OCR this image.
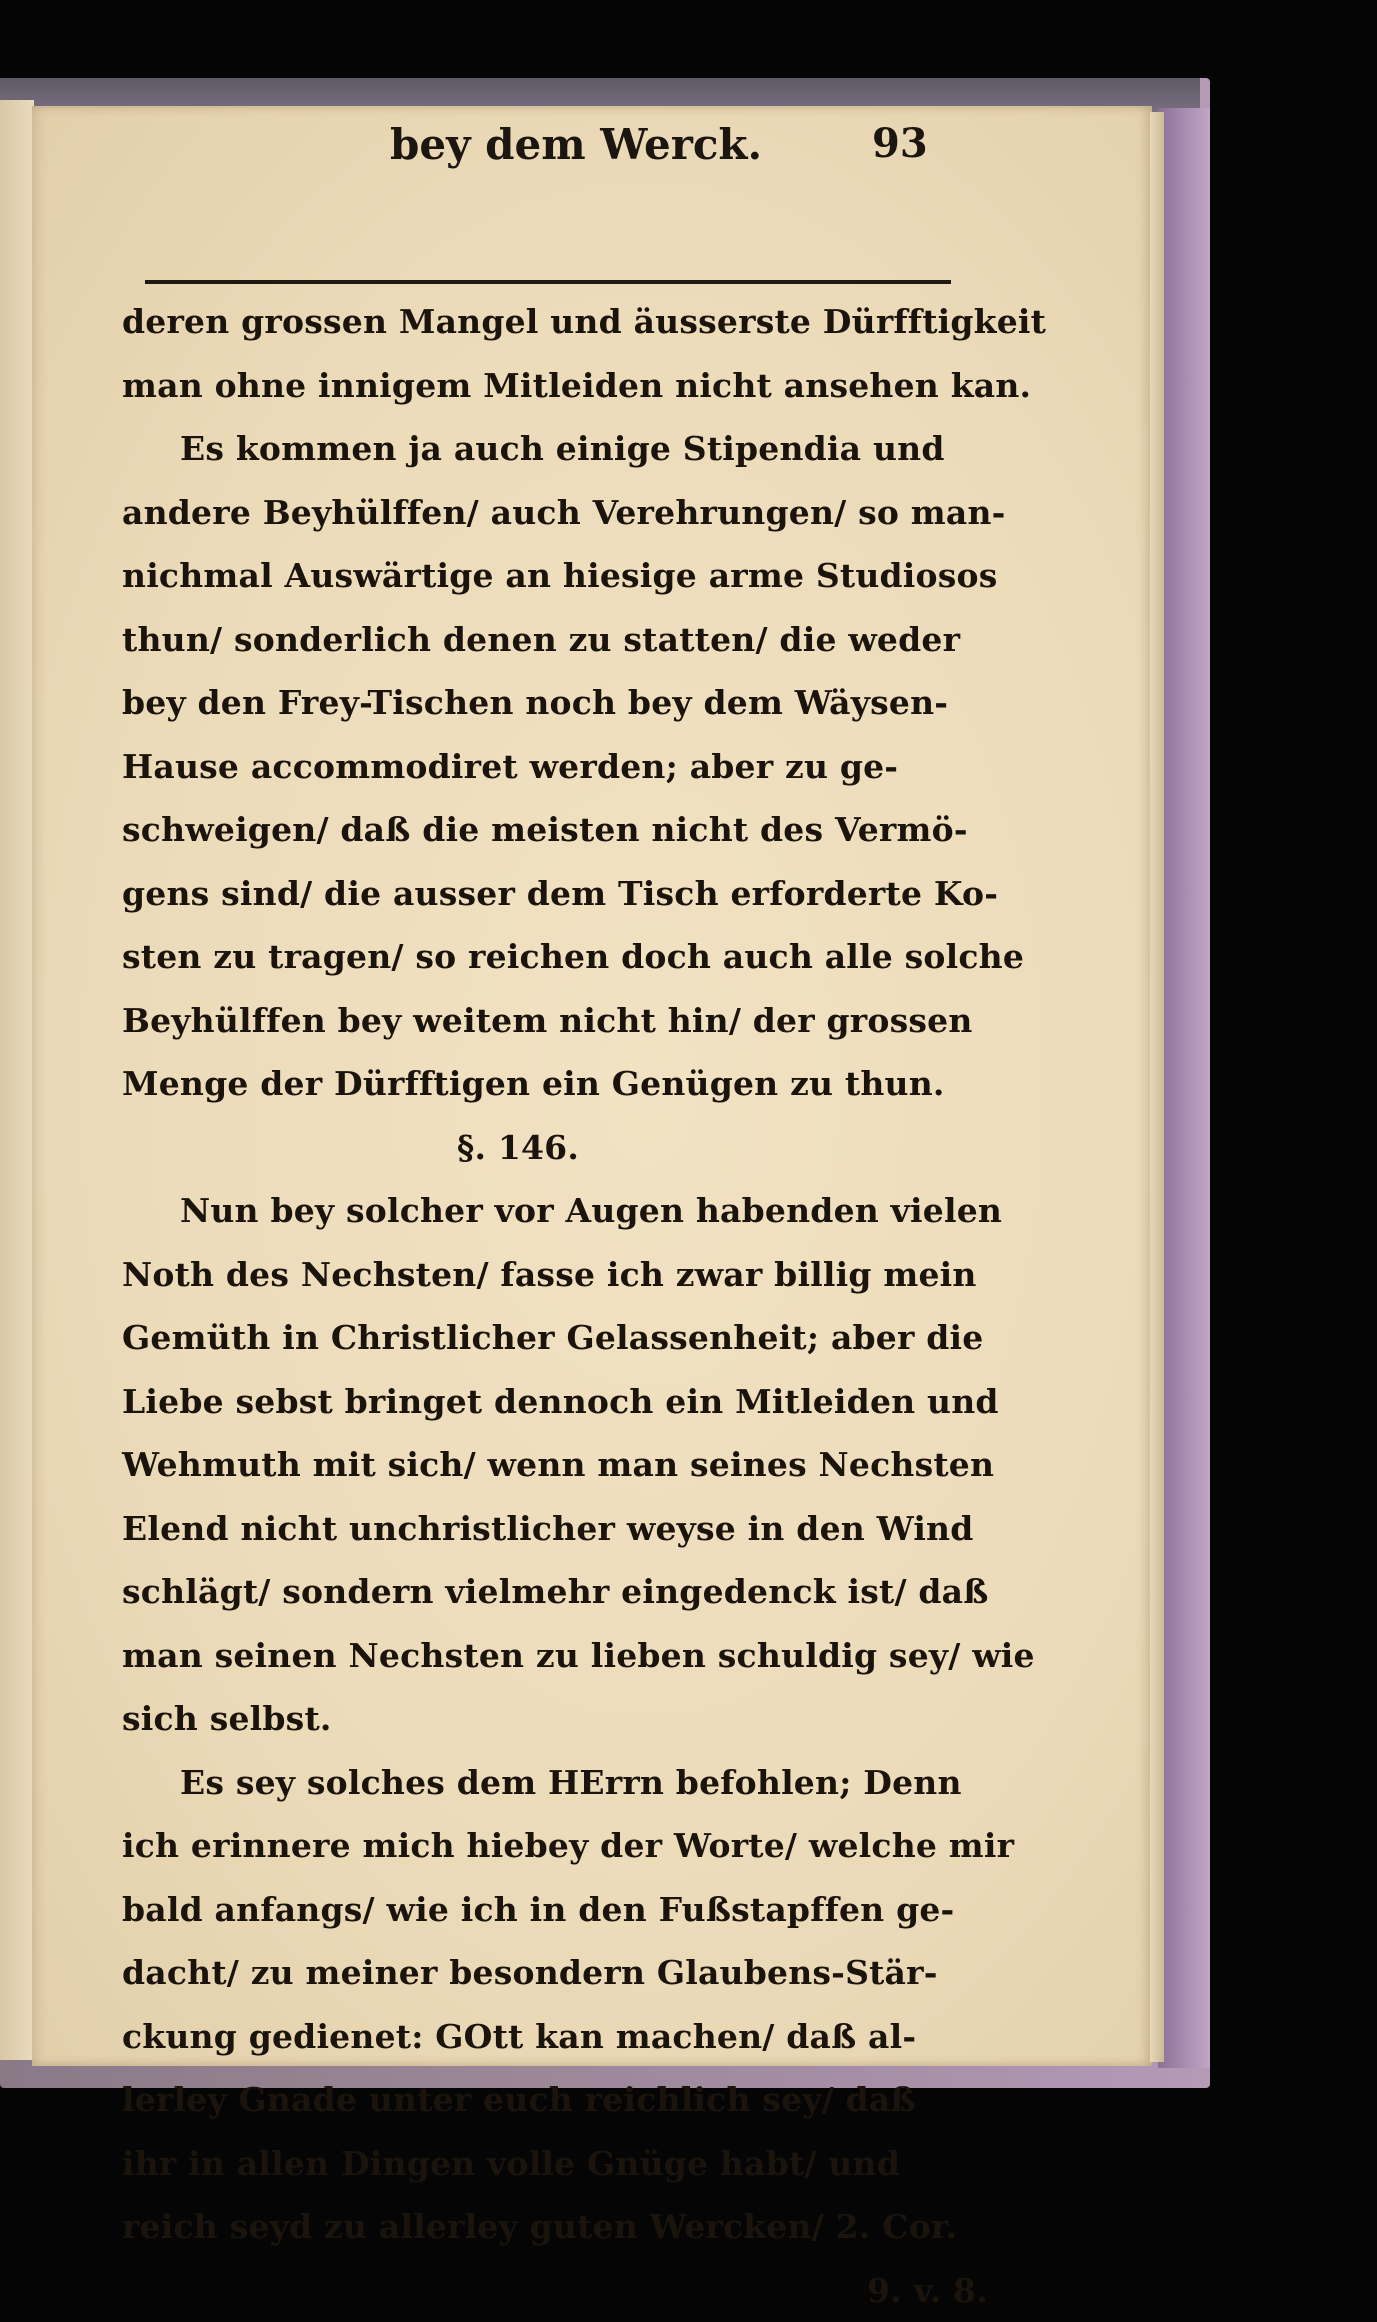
bey dem Werck.	93
deren grossen Mangel und äusserste Dürfftigkeit
man ohne innigem Mitleiden nicht ansehen kan.
Es kommen ja auch einige Stipendia und
andere Beyhülffen/ auch Verehrungen/ so man-
nichmal Auswärtige an hiesige arme Studiosos
thun/ sonderlich denen zu statten/ die weder
bey den Frey-Tischen noch bey dem Wäysen-
Hause accommodiret werden; aber zu ge-
schweigen/ daß die meisten nicht des Vermö-
gens sind/ die ausser dem Tisch erforderte Ko-
sten zu tragen/ so reichen doch auch alle solche
Beyhülffen bey weitem nicht hin/ der grossen
Menge der Dürfftigen ein Genügen zu thun.
§. 146.
Nun bey solcher vor Augen habenden vielen
Noth des Nechsten/ fasse ich zwar billig mein
Gemüth in Christlicher Gelassenheit; aber die
Liebe sebst bringet dennoch ein Mitleiden und
Wehmuth mit sich/ wenn man seines Nechsten
Elend nicht unchristlicher weyse in den Wind
schlägt/ sondern vielmehr eingedenck ist/ daß
man seinen Nechsten zu lieben schuldig sey/ wie
sich selbst.
Es sey solches dem HErrn befohlen; Denn
ich erinnere mich hiebey der Worte/ welche mir
bald anfangs/ wie ich in den Fußstapffen ge-
dacht/ zu meiner besondern Glaubens-Stär-
ckung gedienet: GOtt kan machen/ daß al-
lerley Gnade unter euch reichlich sey/ daß
ihr in allen Dingen volle Gnüge habt/ und
reich seyd zu allerley guten Wercken/ 2. Cor.
9. v. 8.
